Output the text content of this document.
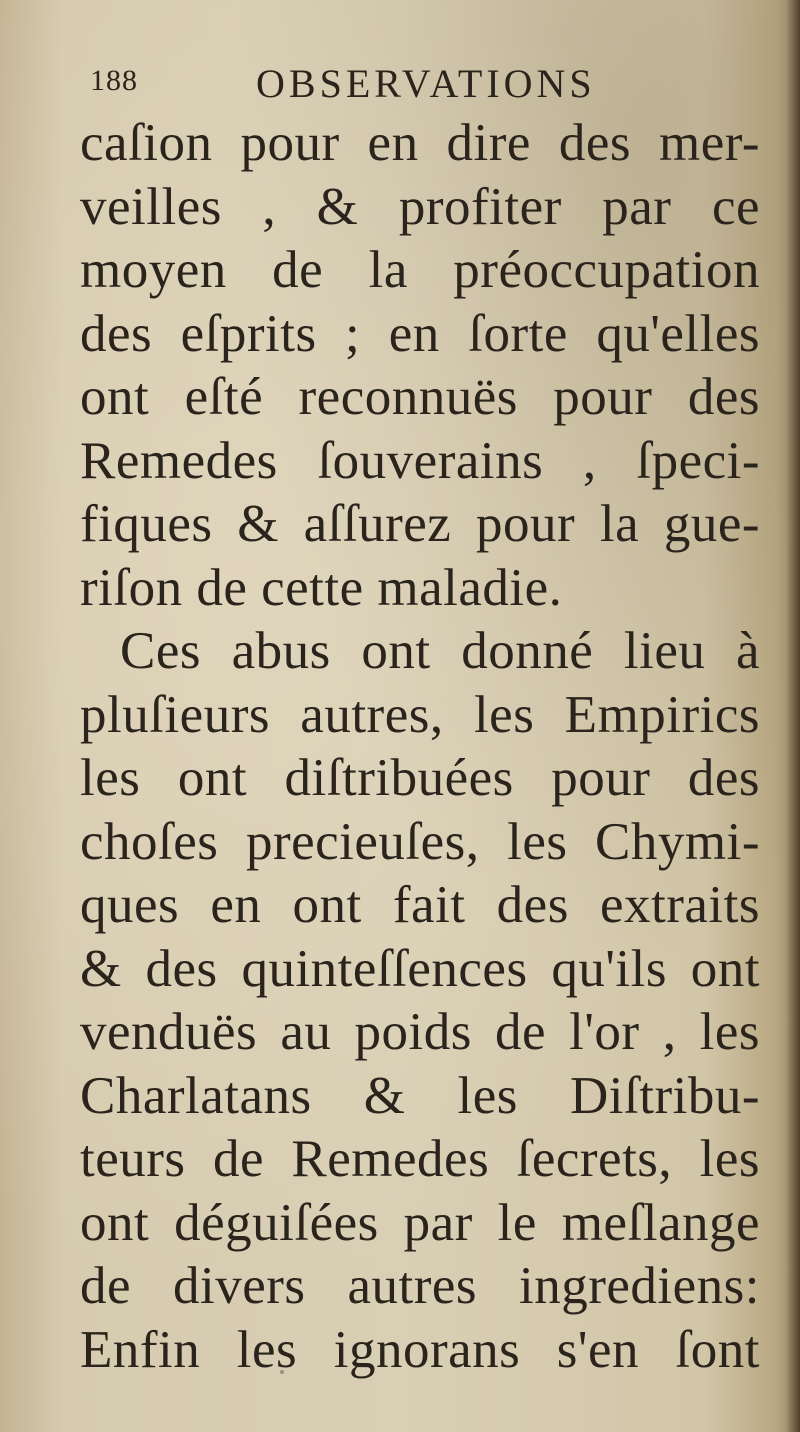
188	OBSERVATIONS
caſion pour en dire des mer-
veilles , & profiter par ce
moyen de la préoccupation
des eſprits ; en ſorte qu'elles
ont eſté reconnuës pour des
Remedes ſouverains , ſpeci-
fiques & aſſurez pour la gue-
riſon de cette maladie.
Ces abus ont donné lieu à
pluſieurs autres, les Empirics
les ont diſtribuées pour des
choſes precieuſes, les Chymi-
ques en ont fait des extraits
& des quinteſſences qu'ils ont
venduës au poids de l'or , les
Charlatans & les Diſtribu-
teurs de Remedes ſecrets, les
ont déguiſées par le meſlange
de divers autres ingrediens:
Enfin les ignorans s'en ſont
